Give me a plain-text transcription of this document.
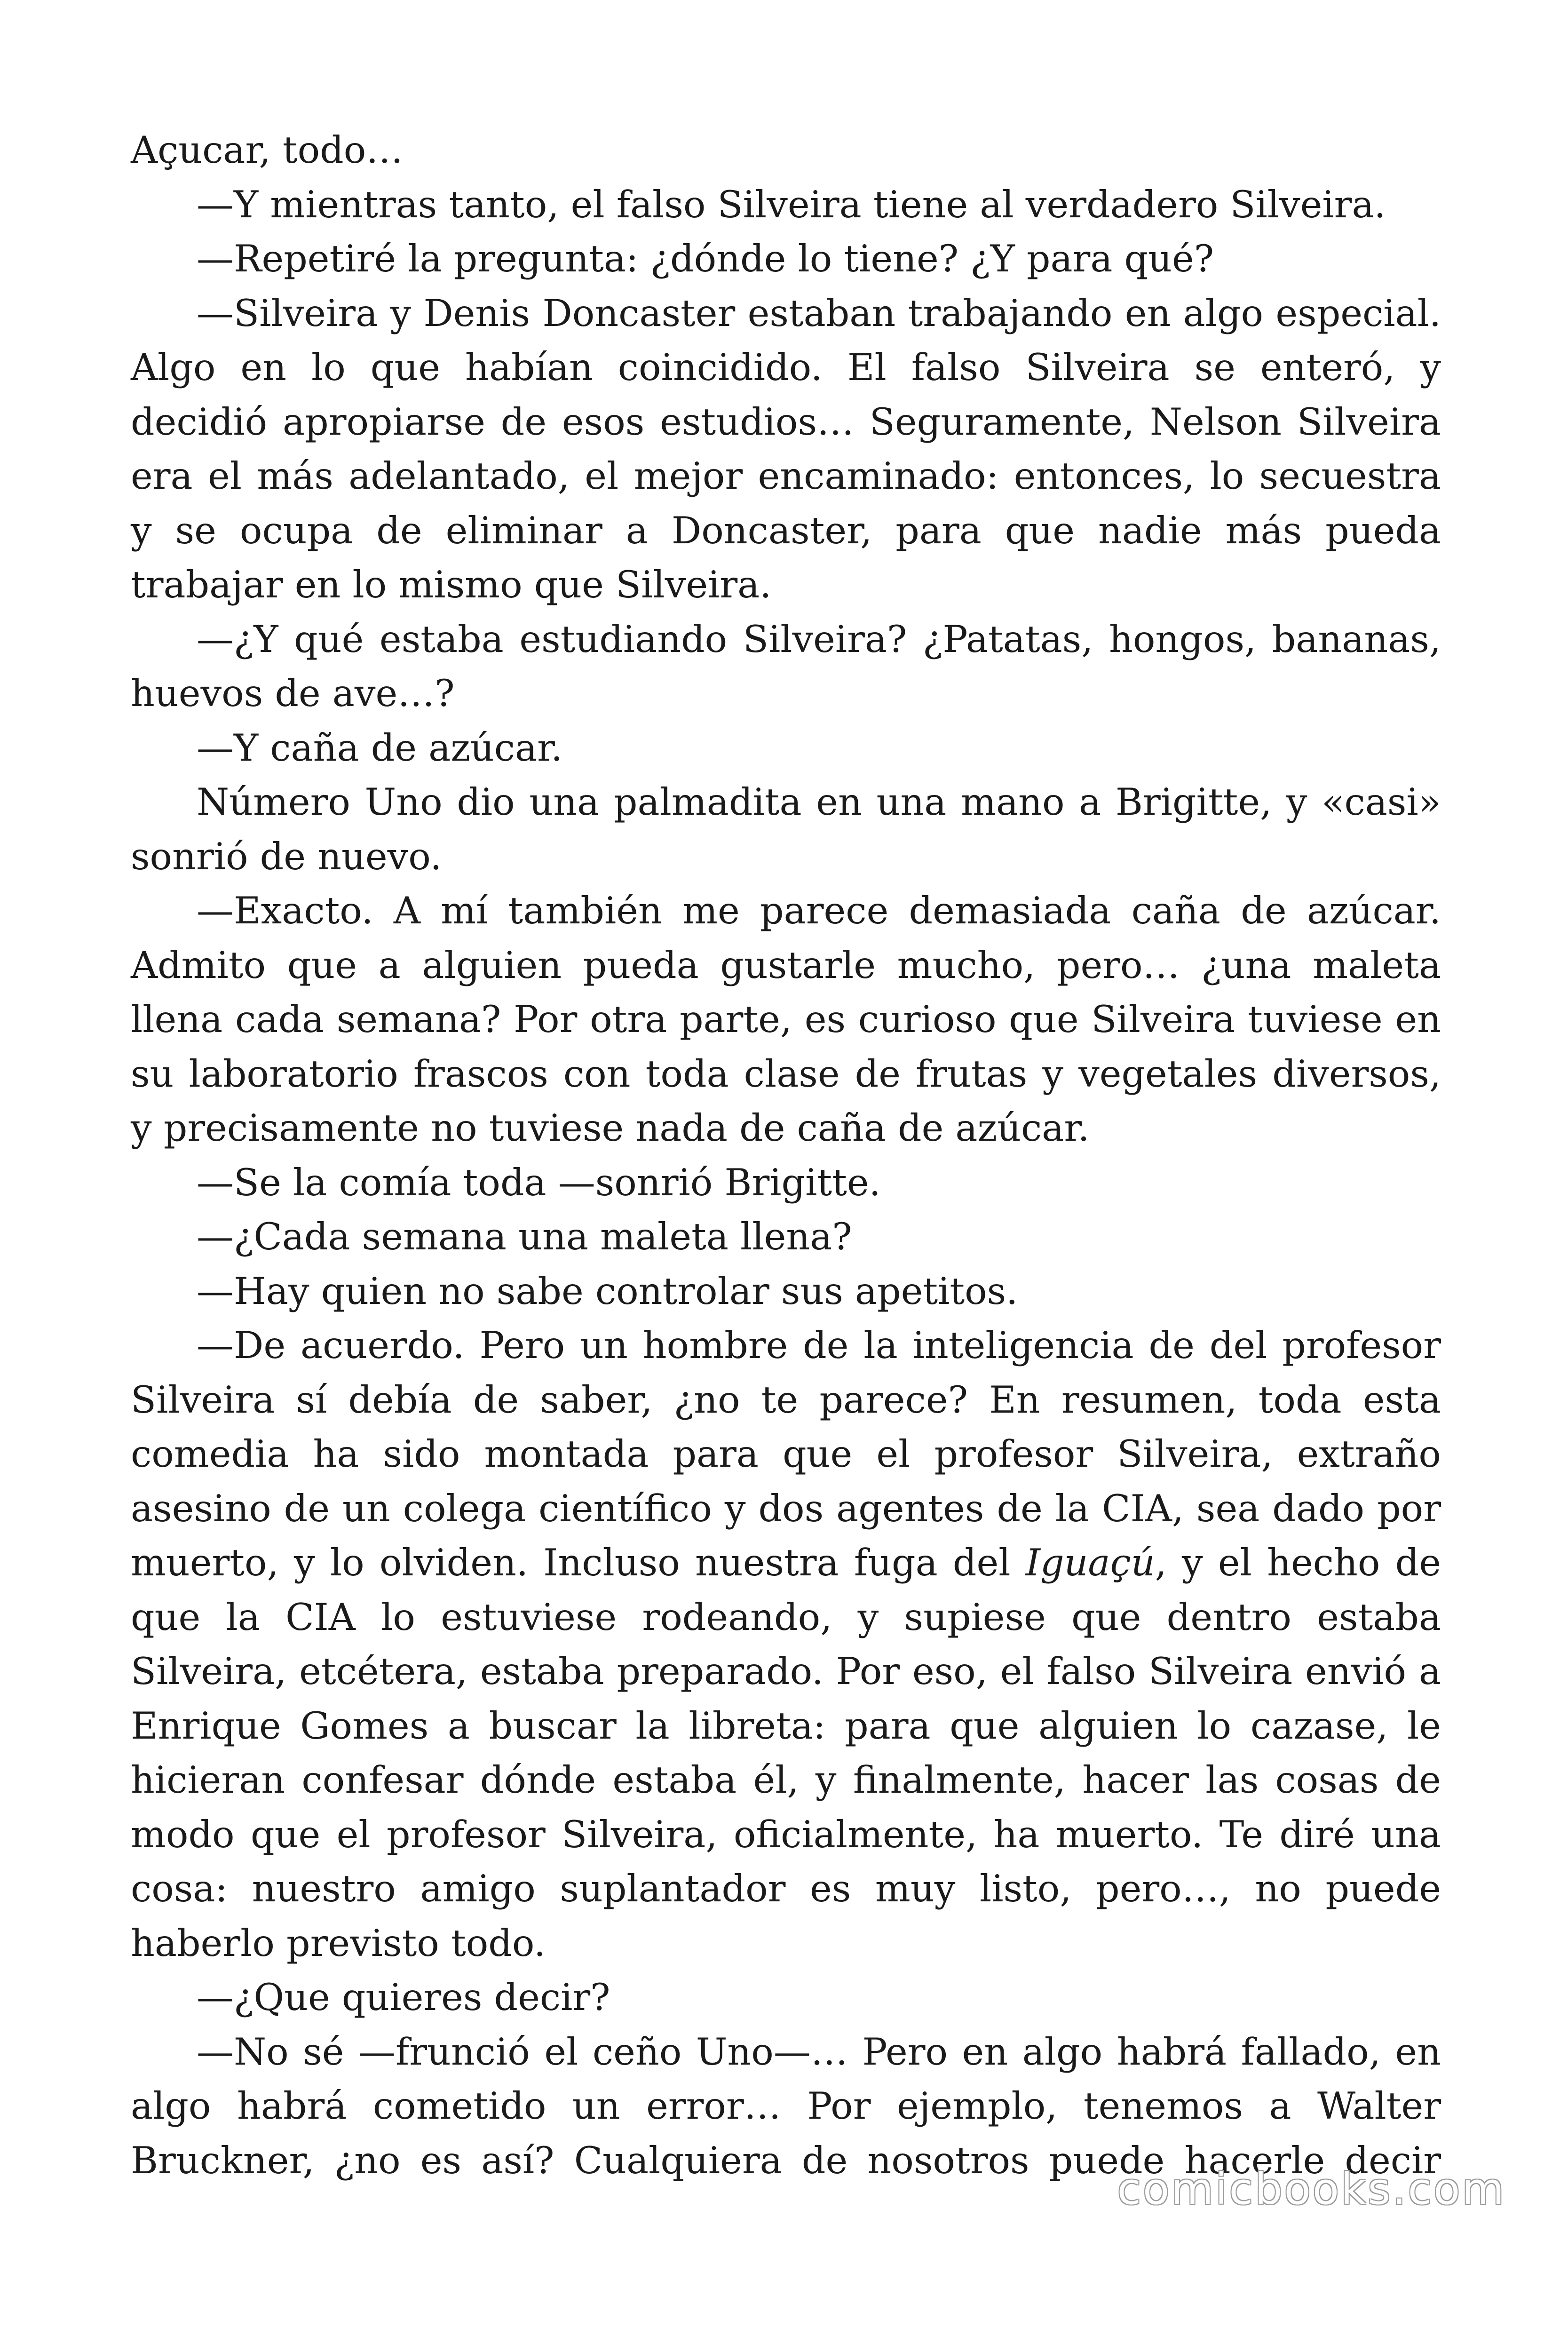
Açucar, todo…

—Y mientras tanto, el falso Silveira tiene al verdadero Silveira.

—Repetiré la pregunta: ¿dónde lo tiene? ¿Y para qué?

—Silveira y Denis Doncaster estaban trabajando en algo especial. Algo en lo que habían coincidido. El falso Silveira se enteró, y decidió apropiarse de esos estudios… Seguramente, Nelson Silveira era el más adelantado, el mejor encaminado: entonces, lo secuestra y se ocupa de eliminar a Doncaster, para que nadie más pueda trabajar en lo mismo que Silveira.

—¿Y qué estaba estudiando Silveira? ¿Patatas, hongos, bananas, huevos de ave…?

—Y caña de azúcar.

Número Uno dio una palmadita en una mano a Brigitte, y «casi» sonrió de nuevo.

—Exacto. A mí también me parece demasiada caña de azúcar. Admito que a alguien pueda gustarle mucho, pero… ¿una maleta llena cada semana? Por otra parte, es curioso que Silveira tuviese en su laboratorio frascos con toda clase de frutas y vegetales diversos, y precisamente no tuviese nada de caña de azúcar.

—Se la comía toda —sonrió Brigitte.

—¿Cada semana una maleta llena?

—Hay quien no sabe controlar sus apetitos.

—De acuerdo. Pero un hombre de la inteligencia de del profesor Silveira sí debía de saber, ¿no te parece? En resumen, toda esta comedia ha sido montada para que el profesor Silveira, extraño asesino de un colega científico y dos agentes de la CIA, sea dado por muerto, y lo olviden. Incluso nuestra fuga del Iguaçú, y el hecho de que la CIA lo estuviese rodeando, y supiese que dentro estaba Silveira, etcétera, estaba preparado. Por eso, el falso Silveira envió a Enrique Gomes a buscar la libreta: para que alguien lo cazase, le hicieran confesar dónde estaba él, y finalmente, hacer las cosas de modo que el profesor Silveira, oficialmente, ha muerto. Te diré una cosa: nuestro amigo suplantador es muy listo, pero…, no puede haberlo previsto todo.

—¿Que quieres decir?

—No sé —frunció el ceño Uno—… Pero en algo habrá fallado, en algo habrá cometido un error… Por ejemplo, tenemos a Walter Bruckner, ¿no es así? Cualquiera de nosotros puede hacerle decir

comicbooks.com
